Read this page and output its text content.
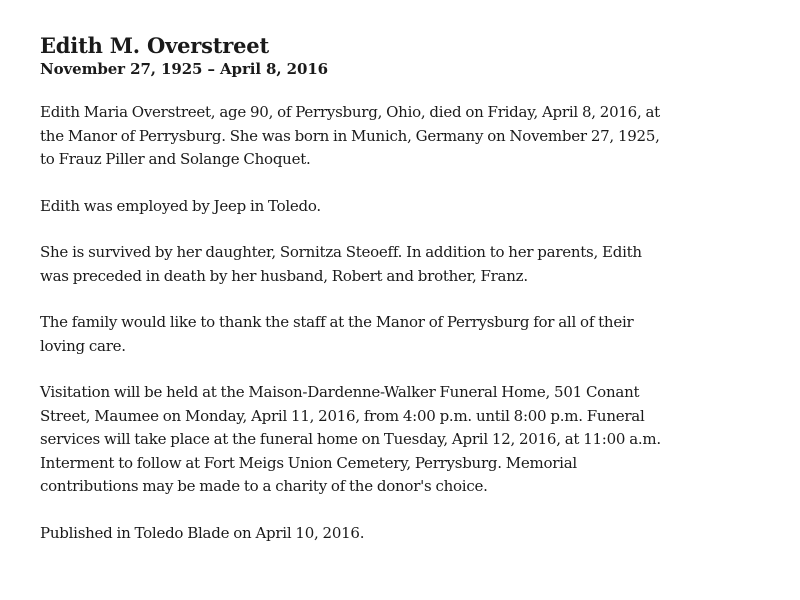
Edith M. Overstreet
November 27, 1925 – April 8, 2016

Edith Maria Overstreet, age 90, of Perrysburg, Ohio, died on Friday, April 8, 2016, at
the Manor of Perrysburg. She was born in Munich, Germany on November 27, 1925,
to Frauz Piller and Solange Choquet.

Edith was employed by Jeep in Toledo.

She is survived by her daughter, Sornitza Steoeff. In addition to her parents, Edith
was preceded in death by her husband, Robert and brother, Franz.

The family would like to thank the staff at the Manor of Perrysburg for all of their
loving care.

Visitation will be held at the Maison-Dardenne-Walker Funeral Home, 501 Conant
Street, Maumee on Monday, April 11, 2016, from 4:00 p.m. until 8:00 p.m. Funeral
services will take place at the funeral home on Tuesday, April 12, 2016, at 11:00 a.m.
Interment to follow at Fort Meigs Union Cemetery, Perrysburg. Memorial
contributions may be made to a charity of the donor's choice.

Published in Toledo Blade on April 10, 2016.
